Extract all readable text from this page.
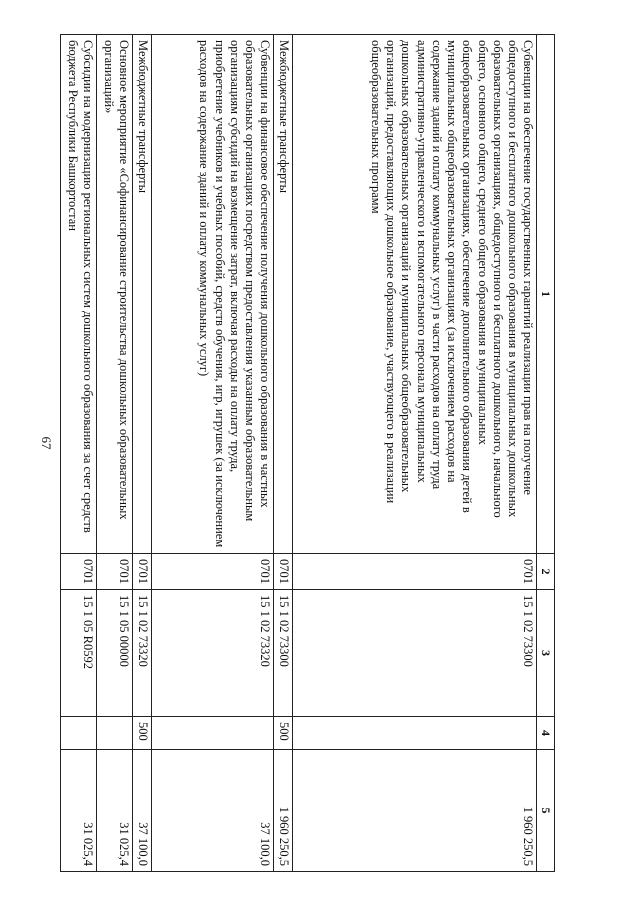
67
1	2	3	4	5
Субвенции на обеспечение государственных гарантий реализации прав на получение общедоступного и бесплатного дошкольного образования в муниципальных дошкольных образовательных организациях, общедоступного и бесплатного дошкольного, начального общего, основного общего, среднего общего образования в муниципальных общеобразовательных организациях, обеспечение дополнительного образования детей в муниципальных общеобразовательных организациях (за исключением расходов на содержание зданий и оплату коммунальных услуг) в части расходов на оплату труда административно-управленческого и вспомогательного персонала муниципальных дошкольных образовательных организаций и муниципальных общеобразовательных организаций, предоставляющих дошкольное образование, участвующего в реализации общеобразовательных программ	0701	15 1 02 73300		1 960 250,5
Межбюджетные трансферты	0701	15 1 02 73300	500	1 960 250,5
Субвенции на финансовое обеспечение получения дошкольного образования в частных образовательных организациях посредством предоставления указанным образовательным организациям субсидий на возмещение затрат, включая расходы на оплату труда, приобретение учебников и учебных пособий, средств обучения, игр, игрушек (за исключением расходов на содержание зданий и оплату коммунальных услуг)	0701	15 1 02 73320		37 100,0
Межбюджетные трансферты	0701	15 1 02 73320	500	37 100,0
Основное мероприятие «Софинансирование строительства дошкольных образовательных организаций»	0701	15 1 05 00000		31 025,4
Субсидии на модернизацию региональных систем дошкольного образования за счет средств бюджета Республики Башкортостан	0701	15 1 05 R0592		31 025,4
